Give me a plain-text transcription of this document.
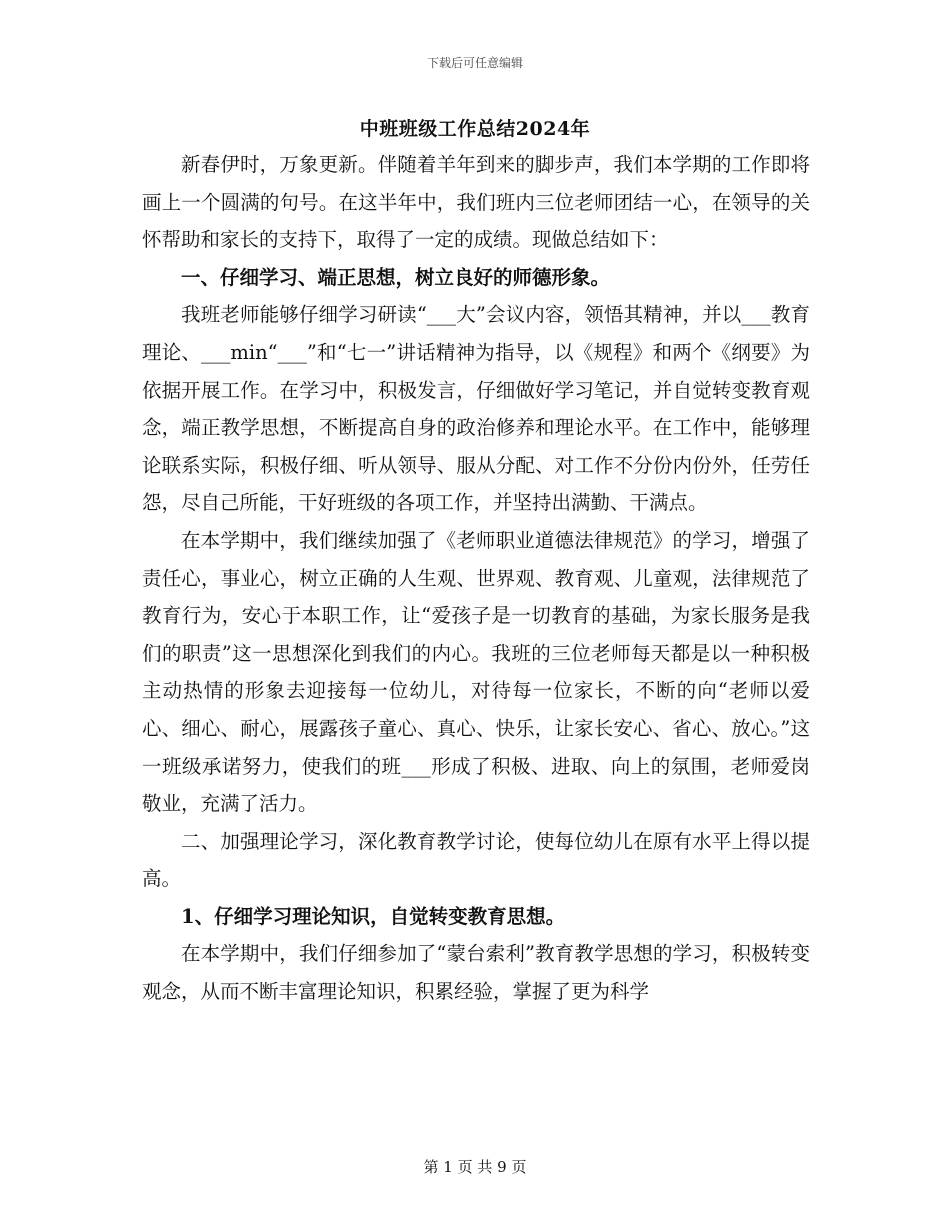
下载后可任意编辑
中班班级工作总结2024年

新春伊时，万象更新。伴随着羊年到来的脚步声，我们本学期的工作即将画上一个圆满的句号。在这半年中，我们班内三位老师团结一心，在领导的关怀帮助和家长的支持下，取得了一定的成绩。现做总结如下：

一、仔细学习、端正思想，树立良好的师德形象。

我班老师能够仔细学习研读“___大”会议内容，领悟其精神，并以___教育理论、___min“___”和“七一”讲话精神为指导，以《规程》和两个《纲要》为依据开展工作。在学习中，积极发言，仔细做好学习笔记，并自觉转变教育观念，端正教学思想，不断提高自身的政治修养和理论水平。在工作中，能够理论联系实际，积极仔细、听从领导、服从分配、对工作不分份内份外，任劳任怨，尽自己所能，干好班级的各项工作，并坚持出满勤、干满点。

在本学期中，我们继续加强了《老师职业道德法律规范》的学习，增强了责任心，事业心，树立正确的人生观、世界观、教育观、儿童观，法律规范了教育行为，安心于本职工作，让“爱孩子是一切教育的基础，为家长服务是我们的职责”这一思想深化到我们的内心。我班的三位老师每天都是以一种积极主动热情的形象去迎接每一位幼儿，对待每一位家长，不断的向“老师以爱心、细心、耐心，展露孩子童心、真心、快乐，让家长安心、省心、放心。”这一班级承诺努力，使我们的班___形成了积极、进取、向上的氛围，老师爱岗敬业，充满了活力。

二、加强理论学习，深化教育教学讨论，使每位幼儿在原有水平上得以提高。

1、仔细学习理论知识，自觉转变教育思想。

在本学期中，我们仔细参加了“蒙台索利”教育教学思想的学习，积极转变观念，从而不断丰富理论知识，积累经验，掌握了更为科学

第 1 页 共 9 页
